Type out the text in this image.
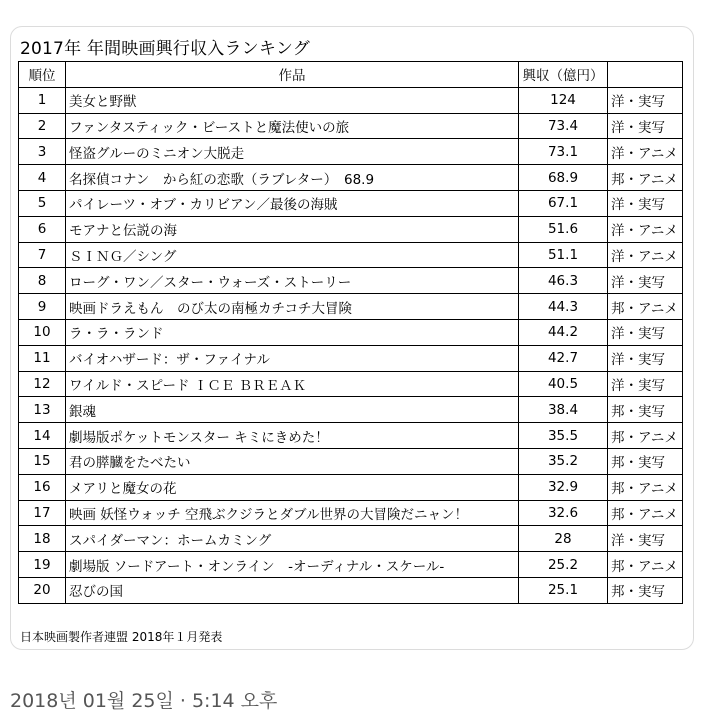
2017年 年間映画興行収入ランキング
順位	作品	興収（億円）	
1	美女と野獣	124	洋・実写
2	ファンタスティック・ビーストと魔法使いの旅	73.4	洋・実写
3	怪盗グルーのミニオン大脱走	73.1	洋・アニメ
4	名探偵コナン　から紅の恋歌（ラブレター）　68.9	68.9	邦・アニメ
5	パイレーツ・オブ・カリビアン／最後の海賊	67.1	洋・実写
6	モアナと伝説の海	51.6	洋・アニメ
7	ＳＩＮＧ／シング	51.1	洋・アニメ
8	ローグ・ワン／スター・ウォーズ・ストーリー	46.3	洋・実写
9	映画ドラえもん　のび太の南極カチコチ大冒険	44.3	邦・アニメ
10	ラ・ラ・ランド	44.2	洋・実写
11	バイオハザード：ザ・ファイナル	42.7	洋・実写
12	ワイルド・スピード ＩＣＥ ＢＲＥＡＫ	40.5	洋・実写
13	銀魂	38.4	邦・実写
14	劇場版ポケットモンスター キミにきめた！	35.5	邦・アニメ
15	君の膵臓をたべたい	35.2	邦・実写
16	メアリと魔女の花	32.9	邦・アニメ
17	映画 妖怪ウォッチ 空飛ぶクジラとダブル世界の大冒険だニャン！	32.6	邦・アニメ
18	スパイダーマン：ホームカミング	28	洋・実写
19	劇場版 ソードアート・オンライン　-オーディナル・スケール-	25.2	邦・アニメ
20	忍びの国	25.1	邦・実写
日本映画製作者連盟 2018年１月発表
2018년 01월 25일 · 5:14 오후
